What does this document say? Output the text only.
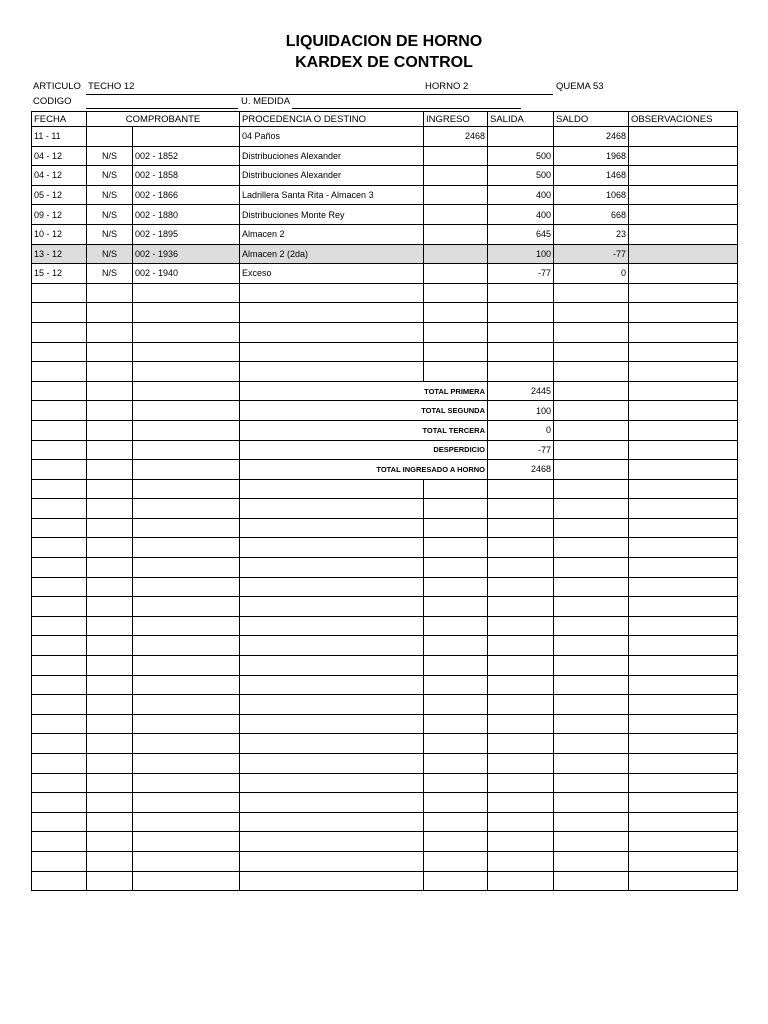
LIQUIDACION DE HORNO
KARDEX DE CONTROL
ARTICULO TECHO 12	HORNO 2	QUEMA 53
CODIGO	U. MEDIDA
FECHA	COMPROBANTE		PROCEDENCIA O DESTINO	INGRESO	SALIDA	SALDO	OBSERVACIONES
11 - 11			04 Paños	2468		2468	
04 - 12	N/S	002 - 1852	Distribuciones Alexander		500	1968	
04 - 12	N/S	002 - 1858	Distribuciones Alexander		500	1468	
05 - 12	N/S	002 - 1866	Ladrillera Santa Rita - Almacen 3		400	1068	
09 - 12	N/S	002 - 1880	Distribuciones Monte Rey		400	668	
10 - 12	N/S	002 - 1895	Almacen 2		645	23	
13 - 12	N/S	002 - 1936	Almacen 2 (2da)		100	-77	
15 - 12	N/S	002 - 1940	Exceso		-77	0	

			TOTAL PRIMERA		2445		
			TOTAL SEGUNDA		100		
			TOTAL TERCERA		0		
			DESPERDICIO		-77		
			TOTAL INGRESADO A HORNO		2468		
